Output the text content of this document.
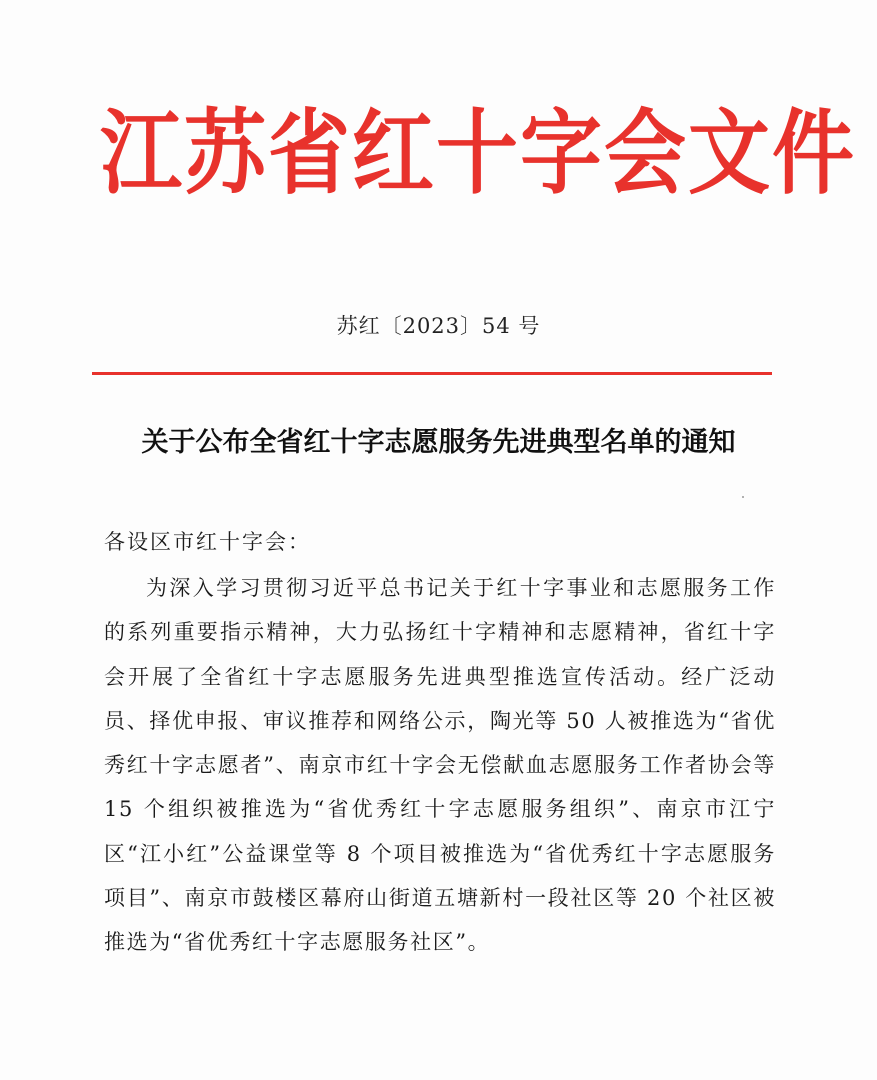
江苏省红十字会文件
苏红〔2023〕54 号
关于公布全省红十字志愿服务先进典型名单的通知
各设区市红十字会：
为深入学习贯彻习近平总书记关于红十字事业和志愿服务工作的系列重要指示精神，大力弘扬红十字精神和志愿精神，省红十字会开展了全省红十字志愿服务先进典型推选宣传活动。经广泛动员、择优申报、审议推荐和网络公示，陶光等 50 人被推选为“省优秀红十字志愿者”、南京市红十字会无偿献血志愿服务工作者协会等 15 个组织被推选为“省优秀红十字志愿服务组织”、南京市江宁区“江小红”公益课堂等 8 个项目被推选为“省优秀红十字志愿服务项目”、南京市鼓楼区幕府山街道五塘新村一段社区等 20 个社区被推选为“省优秀红十字志愿服务社区”。
